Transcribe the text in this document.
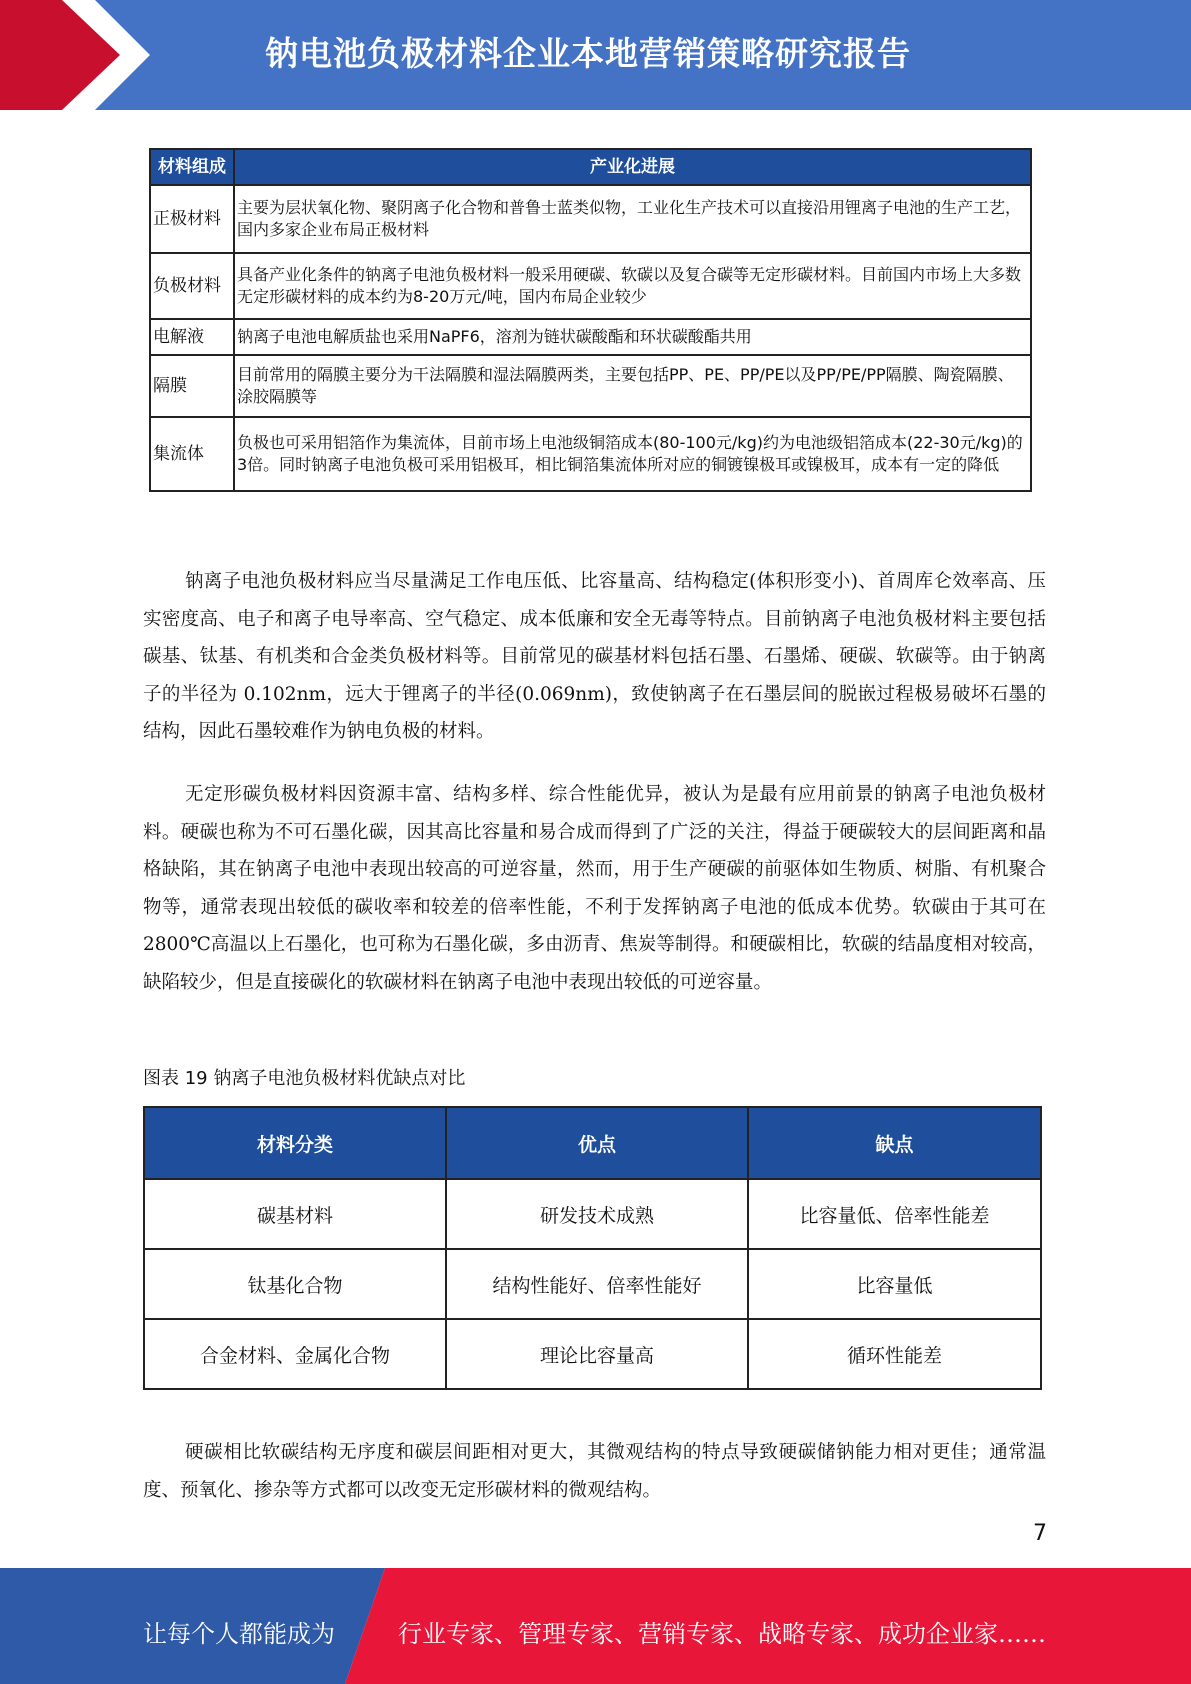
钠电池负极材料企业本地营销策略研究报告
材料组成	产业化进展
正极材料	主要为层状氧化物、聚阴离子化合物和普鲁士蓝类似物，工业化生产技术可以直接沿用锂离子电池的生产工艺，国内多家企业布局正极材料
负极材料	具备产业化条件的钠离子电池负极材料一般采用硬碳、软碳以及复合碳等无定形碳材料。目前国内市场上大多数无定形碳材料的成本约为8-20万元/吨，国内布局企业较少
电解液	钠离子电池电解质盐也采用NaPF6，溶剂为链状碳酸酯和环状碳酸酯共用
隔膜	目前常用的隔膜主要分为干法隔膜和湿法隔膜两类，主要包括PP、PE、PP/PE以及PP/PE/PP隔膜、陶瓷隔膜、涂胶隔膜等
集流体	负极也可采用铝箔作为集流体，目前市场上电池级铜箔成本(80-100元/kg)约为电池级铝箔成本(22-30元/kg)的3倍。同时钠离子电池负极可采用铝极耳，相比铜箔集流体所对应的铜镀镍极耳或镍极耳，成本有一定的降低

钠离子电池负极材料应当尽量满足工作电压低、比容量高、结构稳定(体积形变小)、首周库仑效率高、压实密度高、电子和离子电导率高、空气稳定、成本低廉和安全无毒等特点。目前钠离子电池负极材料主要包括碳基、钛基、有机类和合金类负极材料等。目前常见的碳基材料包括石墨、石墨烯、硬碳、软碳等。由于钠离子的半径为 0.102nm，远大于锂离子的半径(0.069nm)，致使钠离子在石墨层间的脱嵌过程极易破坏石墨的结构，因此石墨较难作为钠电负极的材料。

无定形碳负极材料因资源丰富、结构多样、综合性能优异，被认为是最有应用前景的钠离子电池负极材料。硬碳也称为不可石墨化碳，因其高比容量和易合成而得到了广泛的关注，得益于硬碳较大的层间距离和晶格缺陷，其在钠离子电池中表现出较高的可逆容量，然而，用于生产硬碳的前驱体如生物质、树脂、有机聚合物等，通常表现出较低的碳收率和较差的倍率性能，不利于发挥钠离子电池的低成本优势。软碳由于其可在 2800℃高温以上石墨化，也可称为石墨化碳，多由沥青、焦炭等制得。和硬碳相比，软碳的结晶度相对较高，缺陷较少，但是直接碳化的软碳材料在钠离子电池中表现出较低的可逆容量。

图表 19 钠离子电池负极材料优缺点对比
材料分类	优点	缺点
碳基材料	研发技术成熟	比容量低、倍率性能差
钛基化合物	结构性能好、倍率性能好	比容量低
合金材料、金属化合物	理论比容量高	循环性能差

硬碳相比软碳结构无序度和碳层间距相对更大，其微观结构的特点导致硬碳储钠能力相对更佳；通常温度、预氧化、掺杂等方式都可以改变无定形碳材料的微观结构。

7
让每个人都能成为	行业专家、管理专家、营销专家、战略专家、成功企业家……
